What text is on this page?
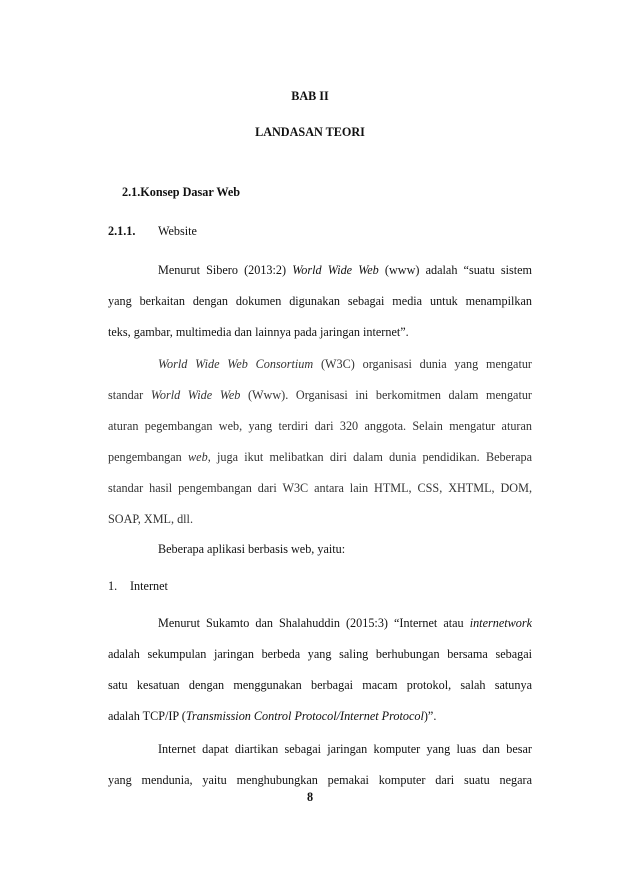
BAB II
LANDASAN TEORI
2.1.Konsep Dasar Web
2.1.1. Website
Menurut Sibero (2013:2) World Wide Web (www) adalah “suatu sistem
yang berkaitan dengan dokumen digunakan sebagai media untuk menampilkan
teks, gambar, multimedia dan lainnya pada jaringan internet”.
World Wide Web Consortium (W3C) organisasi dunia yang mengatur
standar World Wide Web (Www). Organisasi ini berkomitmen dalam mengatur
aturan pegembangan web, yang terdiri dari 320 anggota. Selain mengatur aturan
pengembangan web, juga ikut melibatkan diri dalam dunia pendidikan. Beberapa
standar hasil pengembangan dari W3C antara lain HTML, CSS, XHTML, DOM,
SOAP, XML, dll.
Beberapa aplikasi berbasis web, yaitu:
1. Internet
Menurut Sukamto dan Shalahuddin (2015:3) “Internet atau internetwork
adalah sekumpulan jaringan berbeda yang saling berhubungan bersama sebagai
satu kesatuan dengan menggunakan berbagai macam protokol, salah satunya
adalah TCP/IP (Transmission Control Protocol/Internet Protocol)”.
Internet dapat diartikan sebagai jaringan komputer yang luas dan besar
yang mendunia, yaitu menghubungkan pemakai komputer dari suatu negara
8
